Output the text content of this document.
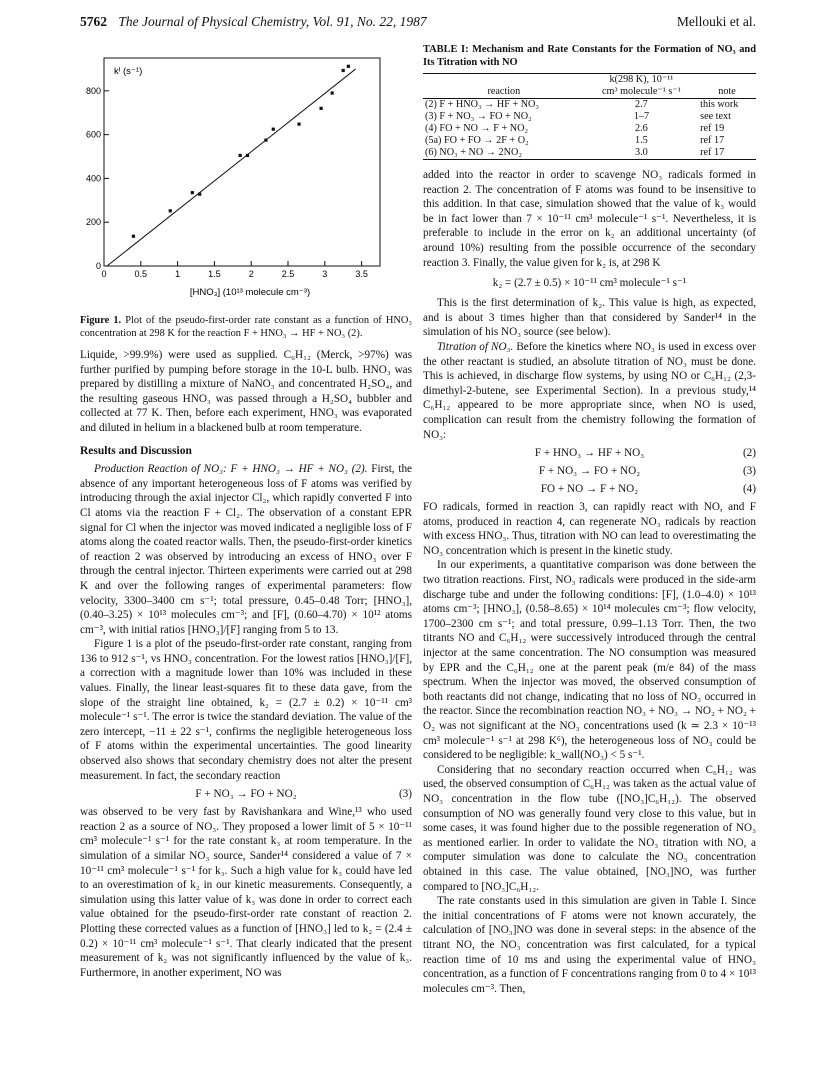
5762 The Journal of Physical Chemistry, Vol. 91, No. 22, 1987	Mellouki et al.
0	0.5	1	1.5	2	2.5	3	3.5
0
200
400
600
800
kᴵ (s⁻¹)
[HNO₃] (10¹³ molecule cm⁻³)
Figure 1. Plot of the pseudo-first-order rate constant as a function of HNO₃ concentration at 298 K for the reaction F + HNO₃ → HF + NO₃ (2).

Liquide, >99.9%) were used as supplied. C₆H₁₂ (Merck, >97%) was further purified by pumping before storage in the 10-L bulb. HNO₃ was prepared by distilling a mixture of NaNO₃ and concentrated H₂SO₄, and the resulting gaseous HNO₃ was passed through a H₂SO₄ bubbler and collected at 77 K. Then, before each experiment, HNO₃ was evaporated and diluted in helium in a blackened bulb at room temperature.

Results and Discussion

Production Reaction of NO₃: F + HNO₃ → HF + NO₃ (2). First, the absence of any important heterogeneous loss of F atoms was verified by introducing through the axial injector Cl₂, which rapidly converted F into Cl atoms via the reaction F + Cl₂. The observation of a constant EPR signal for Cl when the injector was moved indicated a negligible loss of F atoms along the coated reactor walls. Then, the pseudo-first-order kinetics of reaction 2 was observed by introducing an excess of HNO₃ over F through the central injector. Thirteen experiments were carried out at 298 K and over the following ranges of experimental parameters: flow velocity, 3300–3400 cm s⁻¹; total pressure, 0.45–0.48 Torr; [HNO₃], (0.40–3.25) × 10¹³ molecules cm⁻³; and [F], (0.60–4.70) × 10¹² atoms cm⁻³, with initial ratios [HNO₃]/[F] ranging from 5 to 13.

Figure 1 is a plot of the pseudo-first-order rate constant, ranging from 136 to 912 s⁻¹, vs HNO₃ concentration. For the lowest ratios [HNO₃]/[F], a correction with a magnitude lower than 10% was included in these values. Finally, the linear least-squares fit to these data gave, from the slope of the straight line obtained, k₂ = (2.7 ± 0.2) × 10⁻¹¹ cm³ molecule⁻¹ s⁻¹. The error is twice the standard deviation. The value of the zero intercept, −11 ± 22 s⁻¹, confirms the negligible heterogeneous loss of F atoms within the experimental uncertainties. The good linearity observed also shows that secondary chemistry does not alter the present measurement. In fact, the secondary reaction

F + NO₃ → FO + NO₂	(3)

was observed to be very fast by Ravishankara and Wine,¹³ who used reaction 2 as a source of NO₃. They proposed a lower limit of 5 × 10⁻¹¹ cm³ molecule⁻¹ s⁻¹ for the rate constant k₃ at room temperature. In the simulation of a similar NO₃ source, Sander¹⁴ considered a value of 7 × 10⁻¹¹ cm³ molecule⁻¹ s⁻¹ for k₃. Such a high value for k₃ could have led to an overestimation of k₂ in our kinetic measurements. Consequently, a simulation using this latter value of k₃ was done in order to correct each value obtained for the pseudo-first-order rate constant of reaction 2. Plotting these corrected values as a function of [HNO₃] led to k₂ = (2.4 ± 0.2) × 10⁻¹¹ cm³ molecule⁻¹ s⁻¹. That clearly indicated that the present measurement of k₂ was not significantly influenced by the value of k₃. Furthermore, in another experiment, NO was

TABLE I: Mechanism and Rate Constants for the Formation of NO₃ and Its Titration with NO
	k(298 K), 10⁻¹¹	
reaction	cm³ molecule⁻¹ s⁻¹	note
(2) F + HNO₃ → HF + NO₃	2.7	this work
(3) F + NO₃ → FO + NO₂	1–7	see text
(4) FO + NO → F + NO₂	2.6	ref 19
(5a) FO + FO → 2F + O₂	1.5	ref 17
(6) NO₃ + NO → 2NO₂	3.0	ref 17

added into the reactor in order to scavenge NO₃ radicals formed in reaction 2. The concentration of F atoms was found to be insensitive to this addition. In that case, simulation showed that the value of k₃ would be in fact lower than 7 × 10⁻¹¹ cm³ molecule⁻¹ s⁻¹. Nevertheless, it is preferable to include in the error on k₂ an additional uncertainty (of around 10%) resulting from the possible occurrence of the secondary reaction 3. Finally, the value given for k₂ is, at 298 K

k₂ = (2.7 ± 0.5) × 10⁻¹¹ cm³ molecule⁻¹ s⁻¹

This is the first determination of k₂. This value is high, as expected, and is about 3 times higher than that considered by Sander¹⁴ in the simulation of his NO₃ source (see below).

Titration of NO₃. Before the kinetics where NO₃ is used in excess over the other reactant is studied, an absolute titration of NO₃ must be done. This is achieved, in discharge flow systems, by using NO or C₆H₁₂ (2,3-dimethyl-2-butene, see Experimental Section). In a previous study,¹⁴ C₆H₁₂ appeared to be more appropriate since, when NO is used, complication can result from the chemistry following the formation of NO₃:

F + HNO₃ → HF + NO₃	(2)
F + NO₃ → FO + NO₂	(3)
FO + NO → F + NO₂	(4)

FO radicals, formed in reaction 3, can rapidly react with NO, and F atoms, produced in reaction 4, can regenerate NO₃ radicals by reaction with excess HNO₃. Thus, titration with NO can lead to overestimating the NO₃ concentration which is present in the kinetic study.

In our experiments, a quantitative comparison was done between the two titration reactions. First, NO₃ radicals were produced in the side-arm discharge tube and under the following conditions: [F], (1.0–4.0) × 10¹³ atoms cm⁻³; [HNO₃], (0.58–8.65) × 10¹⁴ molecules cm⁻³; flow velocity, 1700–2300 cm s⁻¹; and total pressure, 0.99–1.13 Torr. Then, the two titrants NO and C₆H₁₂ were successively introduced through the central injector at the same concentration. The NO consumption was measured by EPR and the C₆H₁₂ one at the parent peak (m/e 84) of the mass spectrum. When the injector was moved, the observed consumption of both reactants did not change, indicating that no loss of NO₃ occurred in the reactor. Since the recombination reaction NO₃ + NO₃ → NO₂ + NO₂ + O₂ was not significant at the NO₃ concentrations used (k ≃ 2.3 × 10⁻¹³ cm³ molecule⁻¹ s⁻¹ at 298 K⁶), the heterogeneous loss of NO₃ could be considered to be negligible: k_wall(NO₃) < 5 s⁻¹.

Considering that no secondary reaction occurred when C₆H₁₂ was used, the observed consumption of C₆H₁₂ was taken as the actual value of NO₃ concentration in the flow tube ([NO₃]C₆H₁₂). The observed consumption of NO was generally found very close to this value, but in some cases, it was found higher due to the possible regeneration of NO₃ as mentioned earlier. In order to validate the NO₃ titration with NO, a computer simulation was done to calculate the NO₃ concentration obtained in this case. The value obtained, [NO₃]NO, was further compared to [NO₃]C₆H₁₂.

The rate constants used in this simulation are given in Table I. Since the initial concentrations of F atoms were not known accurately, the calculation of [NO₃]NO was done in several steps: in the absence of the titrant NO, the NO₃ concentration was first calculated, for a typical reaction time of 10 ms and using the experimental value of HNO₃ concentration, as a function of F concentrations ranging from 0 to 4 × 10¹³ molecules cm⁻³. Then,
